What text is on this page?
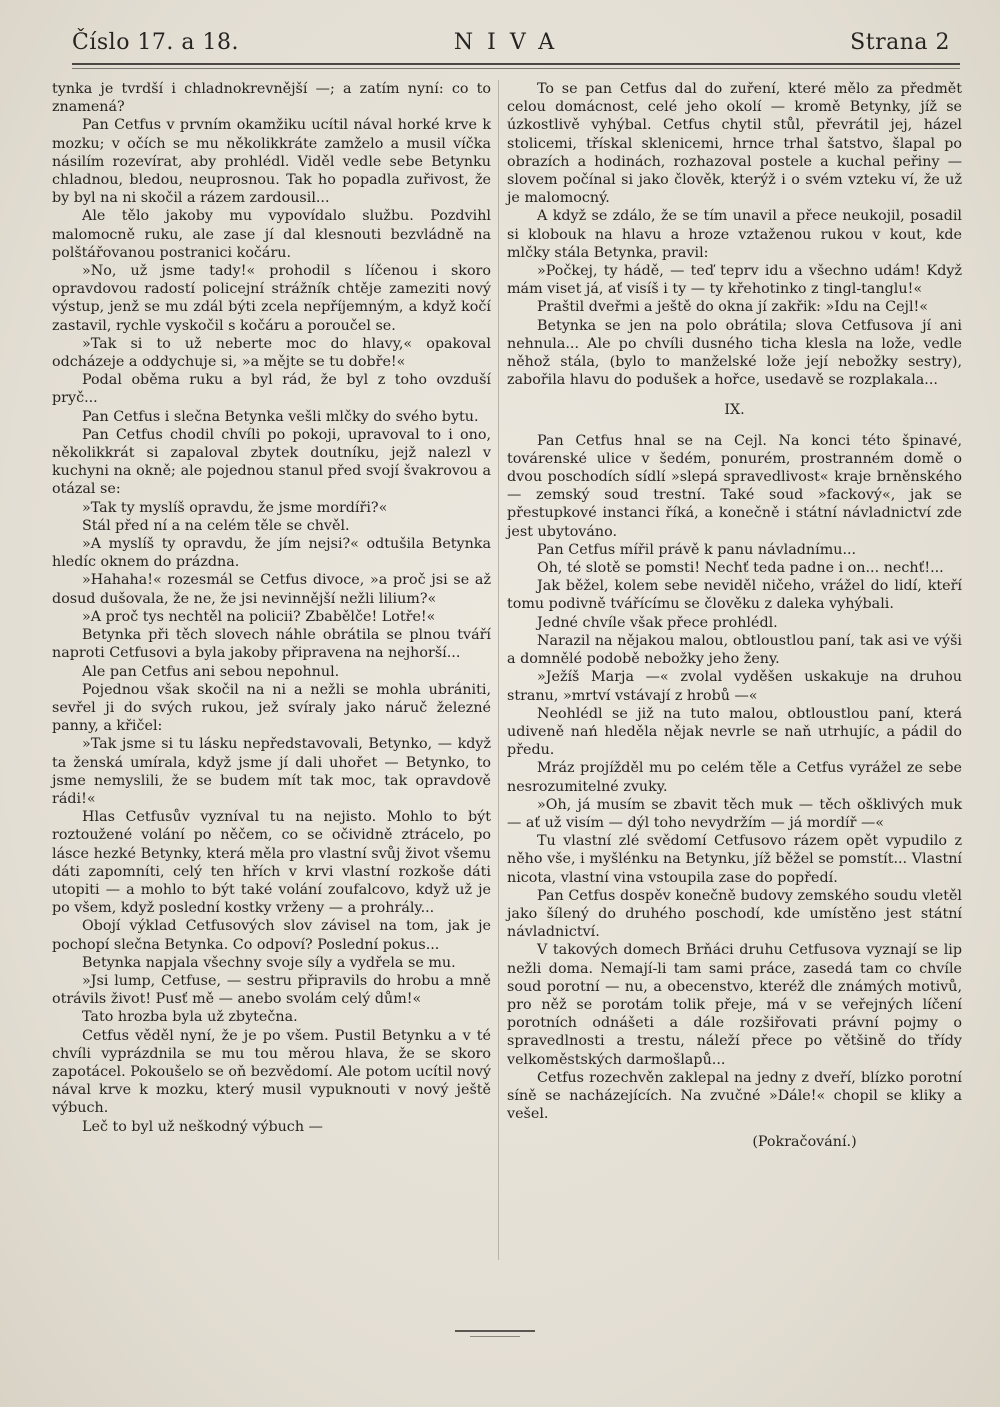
Číslo 17. a 18.	NIVA	Strana 2

tynka je tvrdší i chladnokrevnější —; a zatím nyní: co to znamená?

Pan Cetfus v prvním okamžiku ucítil nával horké krve k mozku; v očích se mu několikkráte zamželo a musil víčka násilím rozevírat, aby prohlédl. Viděl vedle sebe Betynku chladnou, bledou, neuprosnou. Tak ho popadla zuřivost, že by byl na ni skočil a rázem zardousil...

Ale tělo jakoby mu vypovídalo službu. Pozdvihl malomocně ruku, ale zase jí dal klesnouti bezvládně na polštářovanou postranici kočáru.

»No, už jsme tady!« prohodil s líčenou i skoro opravdovou radostí policejní strážník chtěje zameziti nový výstup, jenž se mu zdál býti zcela nepříjemným, a když kočí zastavil, rychle vyskočil s kočáru a poroučel se.

»Tak si to už neberte moc do hlavy,« opakoval odcházeje a oddychuje si, »a mějte se tu dobře!«

Podal oběma ruku a byl rád, že byl z toho ovzduší pryč...

Pan Cetfus i slečna Betynka vešli mlčky do svého bytu.

Pan Cetfus chodil chvíli po pokoji, upravoval to i ono, několikkrát si zapaloval zbytek doutníku, jejž nalezl v kuchyni na okně; ale pojednou stanul před svojí švakrovou a otázal se:

»Tak ty myslíš opravdu, že jsme mordíři?«

Stál před ní a na celém těle se chvěl.

»A myslíš ty opravdu, že jím nejsi?« odtušila Betynka hledíc oknem do prázdna.

»Hahaha!« rozesmál se Cetfus divoce, »a proč jsi se až dosud dušovala, že ne, že jsi nevinnější nežli lilium?«

»A proč tys nechtěl na policii? Zbabělče! Lotře!«

Betynka při těch slovech náhle obrátila se plnou tváří naproti Cetfusovi a byla jakoby připravena na nejhorší...

Ale pan Cetfus ani sebou nepohnul.

Pojednou však skočil na ni a nežli se mohla ubrániti, sevřel ji do svých rukou, jež svíraly jako náruč železné panny, a křičel:

»Tak jsme si tu lásku nepředstavovali, Betynko, — když ta ženská umírala, když jsme jí dali uhořet — Betynko, to jsme nemyslili, že se budem mít tak moc, tak opravdově rádi!«

Hlas Cetfusův vyzníval tu na nejisto. Mohlo to být roztoužené volání po něčem, co se očividně ztrácelo, po lásce hezké Betynky, která měla pro vlastní svůj život všemu dáti zapomníti, celý ten hřích v krvi vlastní rozkoše dáti utopiti — a mohlo to být také volání zoufalcovo, když už je po všem, když poslední kostky vrženy — a prohrály...

Obojí výklad Cetfusových slov závisel na tom, jak je pochopí slečna Betynka. Co odpoví? Poslední pokus...

Betynka napjala všechny svoje síly a vydřela se mu.

»Jsi lump, Cetfuse, — sestru připravils do hrobu a mně otrávils život! Pusť mě — anebo svolám celý dům!«

Tato hrozba byla už zbytečna.

Cetfus věděl nyní, že je po všem. Pustil Betynku a v té chvíli vyprázdnila se mu tou měrou hlava, že se skoro zapotácel. Pokoušelo se oň bezvědomí. Ale potom ucítil nový nával krve k mozku, který musil vypuknouti v nový ještě výbuch.

Leč to byl už neškodný výbuch —

To se pan Cetfus dal do zuření, které mělo za předmět celou domácnost, celé jeho okolí — kromě Betynky, jíž se úzkostlivě vyhýbal. Cetfus chytil stůl, převrátil jej, házel stolicemi, třískal sklenicemi, hrnce trhal šatstvo, šlapal po obrazích a hodinách, rozhazoval postele a kuchal peřiny — slovem počínal si jako člověk, kterýž i o svém vzteku ví, že už je malomocný.

A když se zdálo, že se tím unavil a přece neukojil, posadil si klobouk na hlavu a hroze vztaženou rukou v kout, kde mlčky stála Betynka, pravil:

»Počkej, ty hádě, — teď teprv idu a všechno udám! Když mám viset já, ať visíš i ty — ty křehotinko z tingl-tanglu!«

Praštil dveřmi a ještě do okna jí zakřik: »Idu na Cejl!«

Betynka se jen na polo obrátila; slova Cetfusova jí ani nehnula... Ale po chvíli dusného ticha klesla na lože, vedle něhož stála, (bylo to manželské lože její nebožky sestry), zabořila hlavu do podušek a hořce, usedavě se rozplakala...

IX.

Pan Cetfus hnal se na Cejl. Na konci této špinavé, továrenské ulice v šedém, ponurém, prostranném domě o dvou poschodích sídlí »slepá spravedlivost« kraje brněnského — zemský soud trestní. Také soud »fackový«, jak se přestupkové instanci říká, a konečně i státní návladnictví zde jest ubytováno.

Pan Cetfus mířil právě k panu návladnímu...

Oh, té slotě se pomsti! Nechť teda padne i on... nechť!...

Jak běžel, kolem sebe neviděl ničeho, vrážel do lidí, kteří tomu podivně tvářícímu se člověku z daleka vyhýbali.

Jedné chvíle však přece prohlédl.

Narazil na nějakou malou, obtloustlou paní, tak asi ve výši a domnělé podobě nebožky jeho ženy.

»Ježíš Marja —« zvolal vyděšen uskakuje na druhou stranu, »mrtví vstávají z hrobů —«

Neohlédl se již na tuto malou, obtloustlou paní, která udiveně nań hleděla nějak nevrle se naň utrhujíc, a pádil do předu.

Mráz projížděl mu po celém těle a Cetfus vyrážel ze sebe nesrozumitelné zvuky.

»Oh, já musím se zbavit těch muk — těch ošklivých muk — ať už visím — dýl toho nevydržím — já mordíř —«

Tu vlastní zlé svědomí Cetfusovo rázem opět vypudilo z něho vše, i myšlénku na Betynku, jíž běžel se pomstít... Vlastní nicota, vlastní vina vstoupila zase do popředí.

Pan Cetfus dospěv konečně budovy zemského soudu vletěl jako šílený do druhého poschodí, kde umístěno jest státní návladnictví.

V takových domech Brňáci druhu Cetfusova vyznají se lip nežli doma. Nemají-li tam sami práce, zasedá tam co chvíle soud porotní — nu, a obecenstvo, kteréž dle známých motivů, pro něž se porotám tolik přeje, má v se veřejných líčení porotních odnášeti a dále rozšiřovati právní pojmy o spravedlnosti a trestu, náleží přece po většině do třídy velkoměstských darmošlapů...

Cetfus rozechvěn zaklepal na jedny z dveří, blízko porotní síně se nacházejících. Na zvučné »Dále!« chopil se kliky a vešel.

(Pokračování.)
